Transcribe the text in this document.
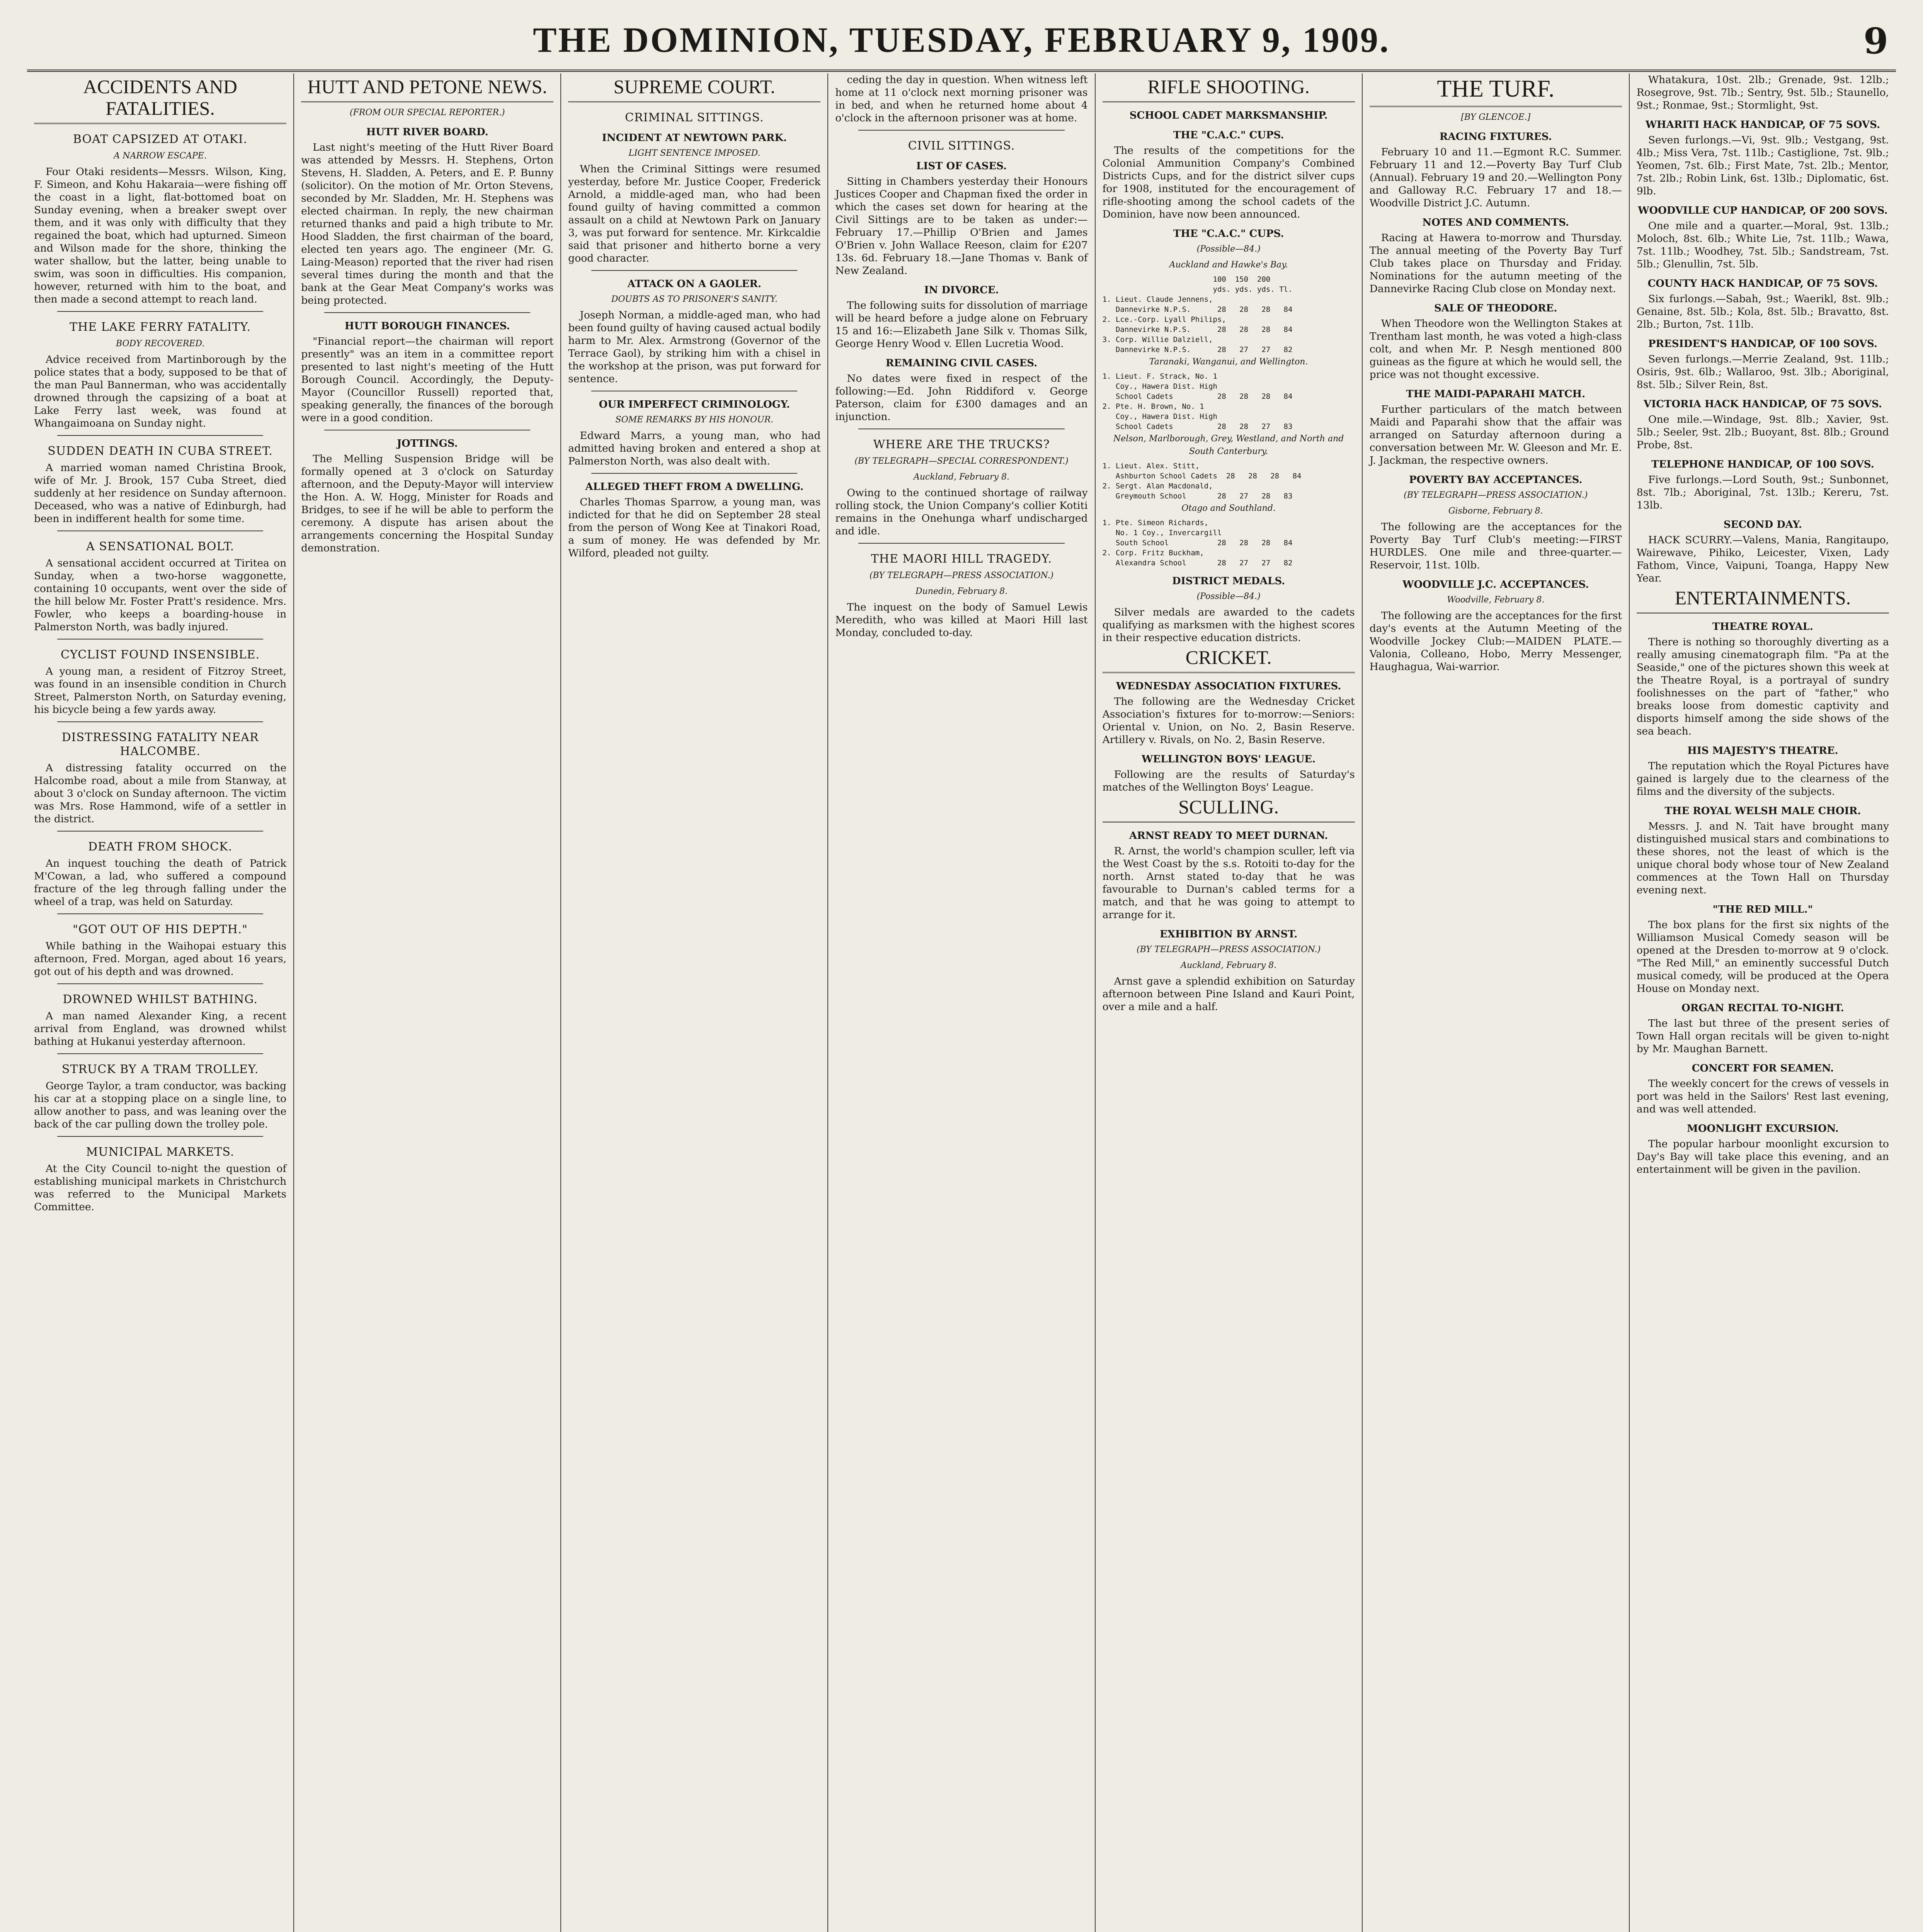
THE DOMINION, TUESDAY, FEBRUARY 9, 1909.	9
ACCIDENTS AND FATALITIES.
BOAT CAPSIZED AT OTAKI.
A NARROW ESCAPE.

Four Otaki residents—Messrs. Wilson, King, F. Simeon, and Kohu Hakaraia—were fishing off the coast in a light, flat-bottomed boat on Sunday evening, when a breaker swept over them, and it was only with difficulty that they regained the boat, which had upturned. Simeon and Wilson made for the shore, thinking the water shallow, but the latter, being unable to swim, was soon in difficulties. His companion, however, returned with him to the boat, and then made a second attempt to reach land.

THE LAKE FERRY FATALITY.
BODY RECOVERED.

Advice received from Martinborough by the police states that a body, supposed to be that of the man Paul Bannerman, who was accidentally drowned through the capsizing of a boat at Lake Ferry last week, was found at Whangaimoana on Sunday night.

SUDDEN DEATH IN CUBA STREET.

A married woman named Christina Brook, wife of Mr. J. Brook, 157 Cuba Street, died suddenly at her residence on Sunday afternoon. Deceased, who was a native of Edinburgh, had been in indifferent health for some time.

A SENSATIONAL BOLT.

A sensational accident occurred at Tiritea on Sunday, when a two-horse waggonette, containing 10 occupants, went over the side of the hill below Mr. Foster Pratt's residence. Mrs. Fowler, who keeps a boarding-house in Palmerston North, was badly injured.

CYCLIST FOUND INSENSIBLE.

A young man, a resident of Fitzroy Street, was found in an insensible condition in Church Street, Palmerston North, on Saturday evening, his bicycle being a few yards away.

DISTRESSING FATALITY NEAR HALCOMBE.

A distressing fatality occurred on the Halcombe road, about a mile from Stanway, at about 3 o'clock on Sunday afternoon. The victim was Mrs. Rose Hammond, wife of a settler in the district.

DEATH FROM SHOCK.

An inquest touching the death of Patrick M'Cowan, a lad, who suffered a compound fracture of the leg through falling under the wheel of a trap, was held on Saturday.

"GOT OUT OF HIS DEPTH."

While bathing in the Waihopai estuary this afternoon, Fred. Morgan, aged about 16 years, got out of his depth and was drowned.

DROWNED WHILST BATHING.

A man named Alexander King, a recent arrival from England, was drowned whilst bathing at Hukanui yesterday afternoon.

STRUCK BY A TRAM TROLLEY.

George Taylor, a tram conductor, was backing his car at a stopping place on a single line, to allow another to pass, and was leaning over the back of the car pulling down the trolley pole.

MUNICIPAL MARKETS.

At the City Council to-night the question of establishing municipal markets in Christchurch was referred to the Municipal Markets Committee.

HUTT AND PETONE NEWS.
(FROM OUR SPECIAL REPORTER.)
HUTT RIVER BOARD.

Last night's meeting of the Hutt River Board was attended by Messrs. H. Stephens, Orton Stevens, H. Sladden, A. Peters, and E. P. Bunny (solicitor). On the motion of Mr. Orton Stevens, seconded by Mr. Sladden, Mr. H. Stephens was elected chairman. In reply, the new chairman returned thanks and paid a high tribute to Mr. Hood Sladden, the first chairman of the board, elected ten years ago. The engineer (Mr. G. Laing-Meason) reported that the river had risen several times during the month and that the bank at the Gear Meat Company's works was being protected.

HUTT BOROUGH FINANCES.

"Financial report—the chairman will report presently" was an item in a committee report presented to last night's meeting of the Hutt Borough Council. Accordingly, the Deputy-Mayor (Councillor Russell) reported that, speaking generally, the finances of the borough were in a good condition.

JOTTINGS.

The Melling Suspension Bridge will be formally opened at 3 o'clock on Saturday afternoon, and the Deputy-Mayor will interview the Hon. A. W. Hogg, Minister for Roads and Bridges, to see if he will be able to perform the ceremony. A dispute has arisen about the arrangements concerning the Hospital Sunday demonstration.

SUPREME COURT.
CRIMINAL SITTINGS.
INCIDENT AT NEWTOWN PARK.
LIGHT SENTENCE IMPOSED.

When the Criminal Sittings were resumed yesterday, before Mr. Justice Cooper, Frederick Arnold, a middle-aged man, who had been found guilty of having committed a common assault on a child at Newtown Park on January 3, was put forward for sentence. Mr. Kirkcaldie said that prisoner and hitherto borne a very good character.

ATTACK ON A GAOLER.
DOUBTS AS TO PRISONER'S SANITY.

Joseph Norman, a middle-aged man, who had been found guilty of having caused actual bodily harm to Mr. Alex. Armstrong (Governor of the Terrace Gaol), by striking him with a chisel in the workshop at the prison, was put forward for sentence.

OUR IMPERFECT CRIMINOLOGY.
SOME REMARKS BY HIS HONOUR.

Edward Marrs, a young man, who had admitted having broken and entered a shop at Palmerston North, was also dealt with.

ALLEGED THEFT FROM A DWELLING.

Charles Thomas Sparrow, a young man, was indicted for that he did on September 28 steal from the person of Wong Kee at Tinakori Road, a sum of money. He was defended by Mr. Wilford, pleaded not guilty.

ceding the day in question. When witness left home at 11 o'clock next morning prisoner was in bed, and when he returned home about 4 o'clock in the afternoon prisoner was at home.

CIVIL SITTINGS.
LIST OF CASES.

Sitting in Chambers yesterday their Honours Justices Cooper and Chapman fixed the order in which the cases set down for hearing at the Civil Sittings are to be taken as under:— February 17.—Phillip O'Brien and James O'Brien v. John Wallace Reeson, claim for £207 13s. 6d. February 18.—Jane Thomas v. Bank of New Zealand.

IN DIVORCE.

The following suits for dissolution of marriage will be heard before a judge alone on February 15 and 16:—Elizabeth Jane Silk v. Thomas Silk, George Henry Wood v. Ellen Lucretia Wood.

REMAINING CIVIL CASES.

No dates were fixed in respect of the following:—Ed. John Riddiford v. George Paterson, claim for £300 damages and an injunction.

WHERE ARE THE TRUCKS?
(BY TELEGRAPH—SPECIAL CORRESPONDENT.)
Auckland, February 8.

Owing to the continued shortage of railway rolling stock, the Union Company's collier Kotiti remains in the Onehunga wharf undischarged and idle.

THE MAORI HILL TRAGEDY.
(BY TELEGRAPH—PRESS ASSOCIATION.)
Dunedin, February 8.

The inquest on the body of Samuel Lewis Meredith, who was killed at Maori Hill last Monday, concluded to-day.

RIFLE SHOOTING.
SCHOOL CADET MARKSMANSHIP.
THE "C.A.C." CUPS.

The results of the competitions for the Colonial Ammunition Company's Combined Districts Cups, and for the district silver cups for 1908, instituted for the encouragement of rifle-shooting among the school cadets of the Dominion, have now been announced.

THE "C.A.C." CUPS.
(Possible—84.)
Auckland and Hawke's Bay.
100  150  200
yds. yds. yds. Tl.
1. Lieut. Claude Jennens,
Dannevirke N.P.S.      28   28   28   84
2. Lce.-Corp. Lyall Philips,
Dannevirke N.P.S.      28   28   28   84
3. Corp. Willie Dalziell,
Dannevirke N.P.S.      28   27   27   82
Taranaki, Wanganui, and Wellington.
1. Lieut. F. Strack, No. 1
Coy., Hawera Dist. High
School Cadets          28   28   28   84
2. Pte. H. Brown, No. 1
Coy., Hawera Dist. High
School Cadets          28   28   27   83
Nelson, Marlborough, Grey, Westland, and North and South Canterbury.
1. Lieut. Alex. Stitt,
Ashburton School Cadets  28   28   28   84
2. Sergt. Alan Macdonald,
Greymouth School       28   27   28   83
Otago and Southland.
1. Pte. Simeon Richards,
No. 1 Coy., Invercargill
South School           28   28   28   84
2. Corp. Fritz Buckham,
Alexandra School       28   27   27   82
DISTRICT MEDALS.
(Possible—84.)

Silver medals are awarded to the cadets qualifying as marksmen with the highest scores in their respective education districts.

CRICKET.
WEDNESDAY ASSOCIATION FIXTURES.

The following are the Wednesday Cricket Association's fixtures for to-morrow:—Seniors: Oriental v. Union, on No. 2, Basin Reserve. Artillery v. Rivals, on No. 2, Basin Reserve.

WELLINGTON BOYS' LEAGUE.

Following are the results of Saturday's matches of the Wellington Boys' League.

SCULLING.
ARNST READY TO MEET DURNAN.

R. Arnst, the world's champion sculler, left via the West Coast by the s.s. Rotoiti to-day for the north. Arnst stated to-day that he was favourable to Durnan's cabled terms for a match, and that he was going to attempt to arrange for it.

EXHIBITION BY ARNST.
(BY TELEGRAPH—PRESS ASSOCIATION.)
Auckland, February 8.

Arnst gave a splendid exhibition on Saturday afternoon between Pine Island and Kauri Point, over a mile and a half.

THE TURF.
[BY GLENCOE.]
RACING FIXTURES.

February 10 and 11.—Egmont R.C. Summer. February 11 and 12.—Poverty Bay Turf Club (Annual). February 19 and 20.—Wellington Pony and Galloway R.C. February 17 and 18.—Woodville District J.C. Autumn.

NOTES AND COMMENTS.

Racing at Hawera to-morrow and Thursday. The annual meeting of the Poverty Bay Turf Club takes place on Thursday and Friday. Nominations for the autumn meeting of the Dannevirke Racing Club close on Monday next.

SALE OF THEODORE.

When Theodore won the Wellington Stakes at Trentham last month, he was voted a high-class colt, and when Mr. P. Nesgh mentioned 800 guineas as the figure at which he would sell, the price was not thought excessive.

THE MAIDI-PAPARAHI MATCH.

Further particulars of the match between Maidi and Paparahi show that the affair was arranged on Saturday afternoon during a conversation between Mr. W. Gleeson and Mr. E. J. Jackman, the respective owners.

POVERTY BAY ACCEPTANCES.
(BY TELEGRAPH—PRESS ASSOCIATION.)
Gisborne, February 8.

The following are the acceptances for the Poverty Bay Turf Club's meeting:—FIRST HURDLES. One mile and three-quarter.—Reservoir, 11st. 10lb.

WOODVILLE J.C. ACCEPTANCES.
Woodville, February 8.

The following are the acceptances for the first day's events at the Autumn Meeting of the Woodville Jockey Club:—MAIDEN PLATE.—Valonia, Colleano, Hobo, Merry Messenger, Haughagua, Wai-warrior.

Whatakura, 10st. 2lb.; Grenade, 9st. 12lb.; Rosegrove, 9st. 7lb.; Sentry, 9st. 5lb.; Staunello, 9st.; Ronmae, 9st.; Stormlight, 9st.

WHARITI HACK HANDICAP, OF 75 SOVS.

Seven furlongs.—Vi, 9st. 9lb.; Vestgang, 9st. 4lb.; Miss Vera, 7st. 11lb.; Castiglione, 7st. 9lb.; Yeomen, 7st. 6lb.; First Mate, 7st. 2lb.; Mentor, 7st. 2lb.; Robin Link, 6st. 13lb.; Diplomatic, 6st. 9lb.

WOODVILLE CUP HANDICAP, OF 200 SOVS.

One mile and a quarter.—Moral, 9st. 13lb.; Moloch, 8st. 6lb.; White Lie, 7st. 11lb.; Wawa, 7st. 11lb.; Woodhey, 7st. 5lb.; Sandstream, 7st. 5lb.; Glenullin, 7st. 5lb.

COUNTY HACK HANDICAP, OF 75 SOVS.

Six furlongs.—Sabah, 9st.; Waerikl, 8st. 9lb.; Genaine, 8st. 5lb.; Kola, 8st. 5lb.; Bravatto, 8st. 2lb.; Burton, 7st. 11lb.

PRESIDENT'S HANDICAP, OF 100 SOVS.

Seven furlongs.—Merrie Zealand, 9st. 11lb.; Osiris, 9st. 6lb.; Wallaroo, 9st. 3lb.; Aboriginal, 8st. 5lb.; Silver Rein, 8st.

VICTORIA HACK HANDICAP, OF 75 SOVS.

One mile.—Windage, 9st. 8lb.; Xavier, 9st. 5lb.; Seeler, 9st. 2lb.; Buoyant, 8st. 8lb.; Ground Probe, 8st.

TELEPHONE HANDICAP, OF 100 SOVS.

Five furlongs.—Lord South, 9st.; Sunbonnet, 8st. 7lb.; Aboriginal, 7st. 13lb.; Kereru, 7st. 13lb.

SECOND DAY.

HACK SCURRY.—Valens, Mania, Rangitaupo, Wairewave, Pihiko, Leicester, Vixen, Lady Fathom, Vince, Vaipuni, Toanga, Happy New Year.

ENTERTAINMENTS.
THEATRE ROYAL.

There is nothing so thoroughly diverting as a really amusing cinematograph film. "Pa at the Seaside," one of the pictures shown this week at the Theatre Royal, is a portrayal of sundry foolishnesses on the part of "father," who breaks loose from domestic captivity and disports himself among the side shows of the sea beach.

HIS MAJESTY'S THEATRE.

The reputation which the Royal Pictures have gained is largely due to the clearness of the films and the diversity of the subjects.

THE ROYAL WELSH MALE CHOIR.

Messrs. J. and N. Tait have brought many distinguished musical stars and combinations to these shores, not the least of which is the unique choral body whose tour of New Zealand commences at the Town Hall on Thursday evening next.

"THE RED MILL."

The box plans for the first six nights of the Williamson Musical Comedy season will be opened at the Dresden to-morrow at 9 o'clock. "The Red Mill," an eminently successful Dutch musical comedy, will be produced at the Opera House on Monday next.

ORGAN RECITAL TO-NIGHT.

The last but three of the present series of Town Hall organ recitals will be given to-night by Mr. Maughan Barnett.

CONCERT FOR SEAMEN.

The weekly concert for the crews of vessels in port was held in the Sailors' Rest last evening, and was well attended.

MOONLIGHT EXCURSION.

The popular harbour moonlight excursion to Day's Bay will take place this evening, and an entertainment will be given in the pavilion.
